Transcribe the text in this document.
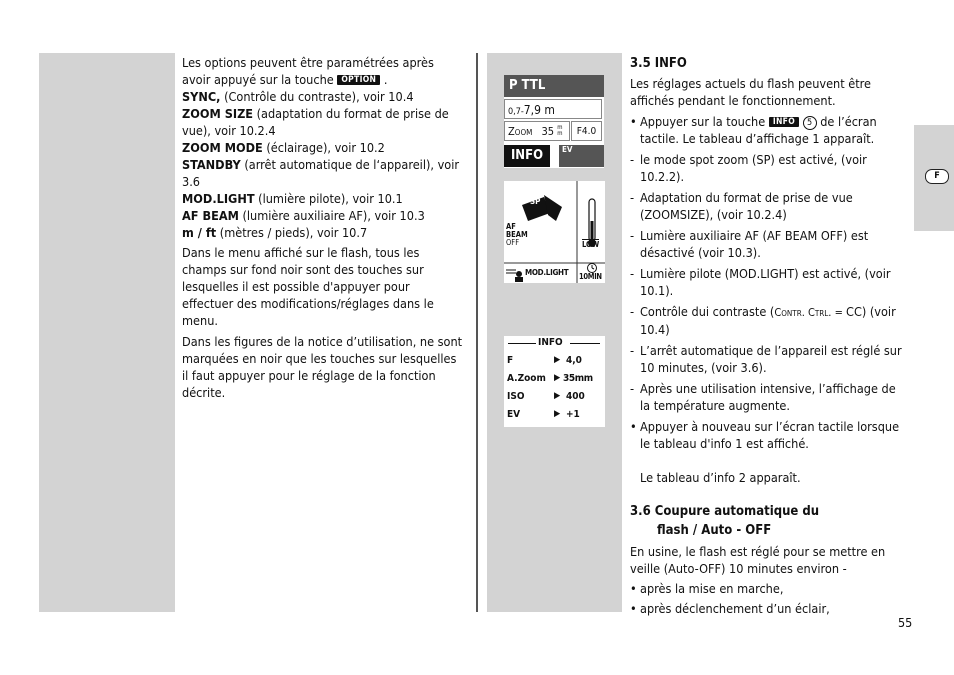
F

Les options peuvent être paramétrées après avoir appuyé sur la touche OPTION .

SYNC, (Contrôle du contraste), voir 10.4

ZOOM SIZE (adaptation du format de prise de vue), voir 10.2.4

ZOOM MODE (éclairage), voir 10.2

STANDBY (arrêt automatique de l‘appareil), voir 3.6

MOD.LIGHT (lumière pilote), voir 10.1

AF BEAM (lumière auxiliaire AF), voir 10.3

m / ft (mètres / pieds), voir 10.7

Dans le menu affiché sur le flash, tous les champs sur fond noir sont des touches sur lesquelles il est possible d'appuyer pour effectuer des modifications/réglages dans le menu.

Dans les figures de la notice d’utilisation, ne sont marquées en noir que les touches sur lesquelles il faut appuyer pour le réglage de la fonction décrite.

P TTL
0,7-7,9 m
Zoom 35 m
m	F4.0
INFO	EV
SP
AF
BEAM
OFF	LOW
MOD.LIGHT 10MIN
INFO
F	▶ 4,0
A.Zoom ▶ 35mm
ISO	▶ 400
EV	▶ +1

3.5 INFO

Les réglages actuels du flash peuvent être affichés pendant le fonctionnement.

• Appuyer sur la touche INFO 5 de l’écran tactile. Le tableau d’affichage 1 apparaît.
- le mode spot zoom (SP) est activé, (voir 10.2.2).
- Adaptation du format de prise de vue (ZOOMSIZE), (voir 10.2.4)
- Lumière auxiliaire AF (AF BEAM OFF) est désactivé (voir 10.3).
- Lumière pilote (MOD.LIGHT) est activé, (voir 10.1).
- Contrôle dui contraste (Contr. Ctrl. = CC) (voir 10.4)
- L’arrêt automatique de l’appareil est réglé sur 10 minutes, (voir 3.6).
- Après une utilisation intensive, l’affichage de la température augmente.
• Appuyer à nouveau sur l’écran tactile lorsque le tableau d'info 1 est affiché.

Le tableau d’info 2 apparaît.

3.6 Coupure automatique du
flash / Auto - OFF

En usine, le flash est réglé pour se mettre en veille (Auto-OFF) 10 minutes environ -

• après la mise en marche,
• après déclenchement d’un éclair,
55
